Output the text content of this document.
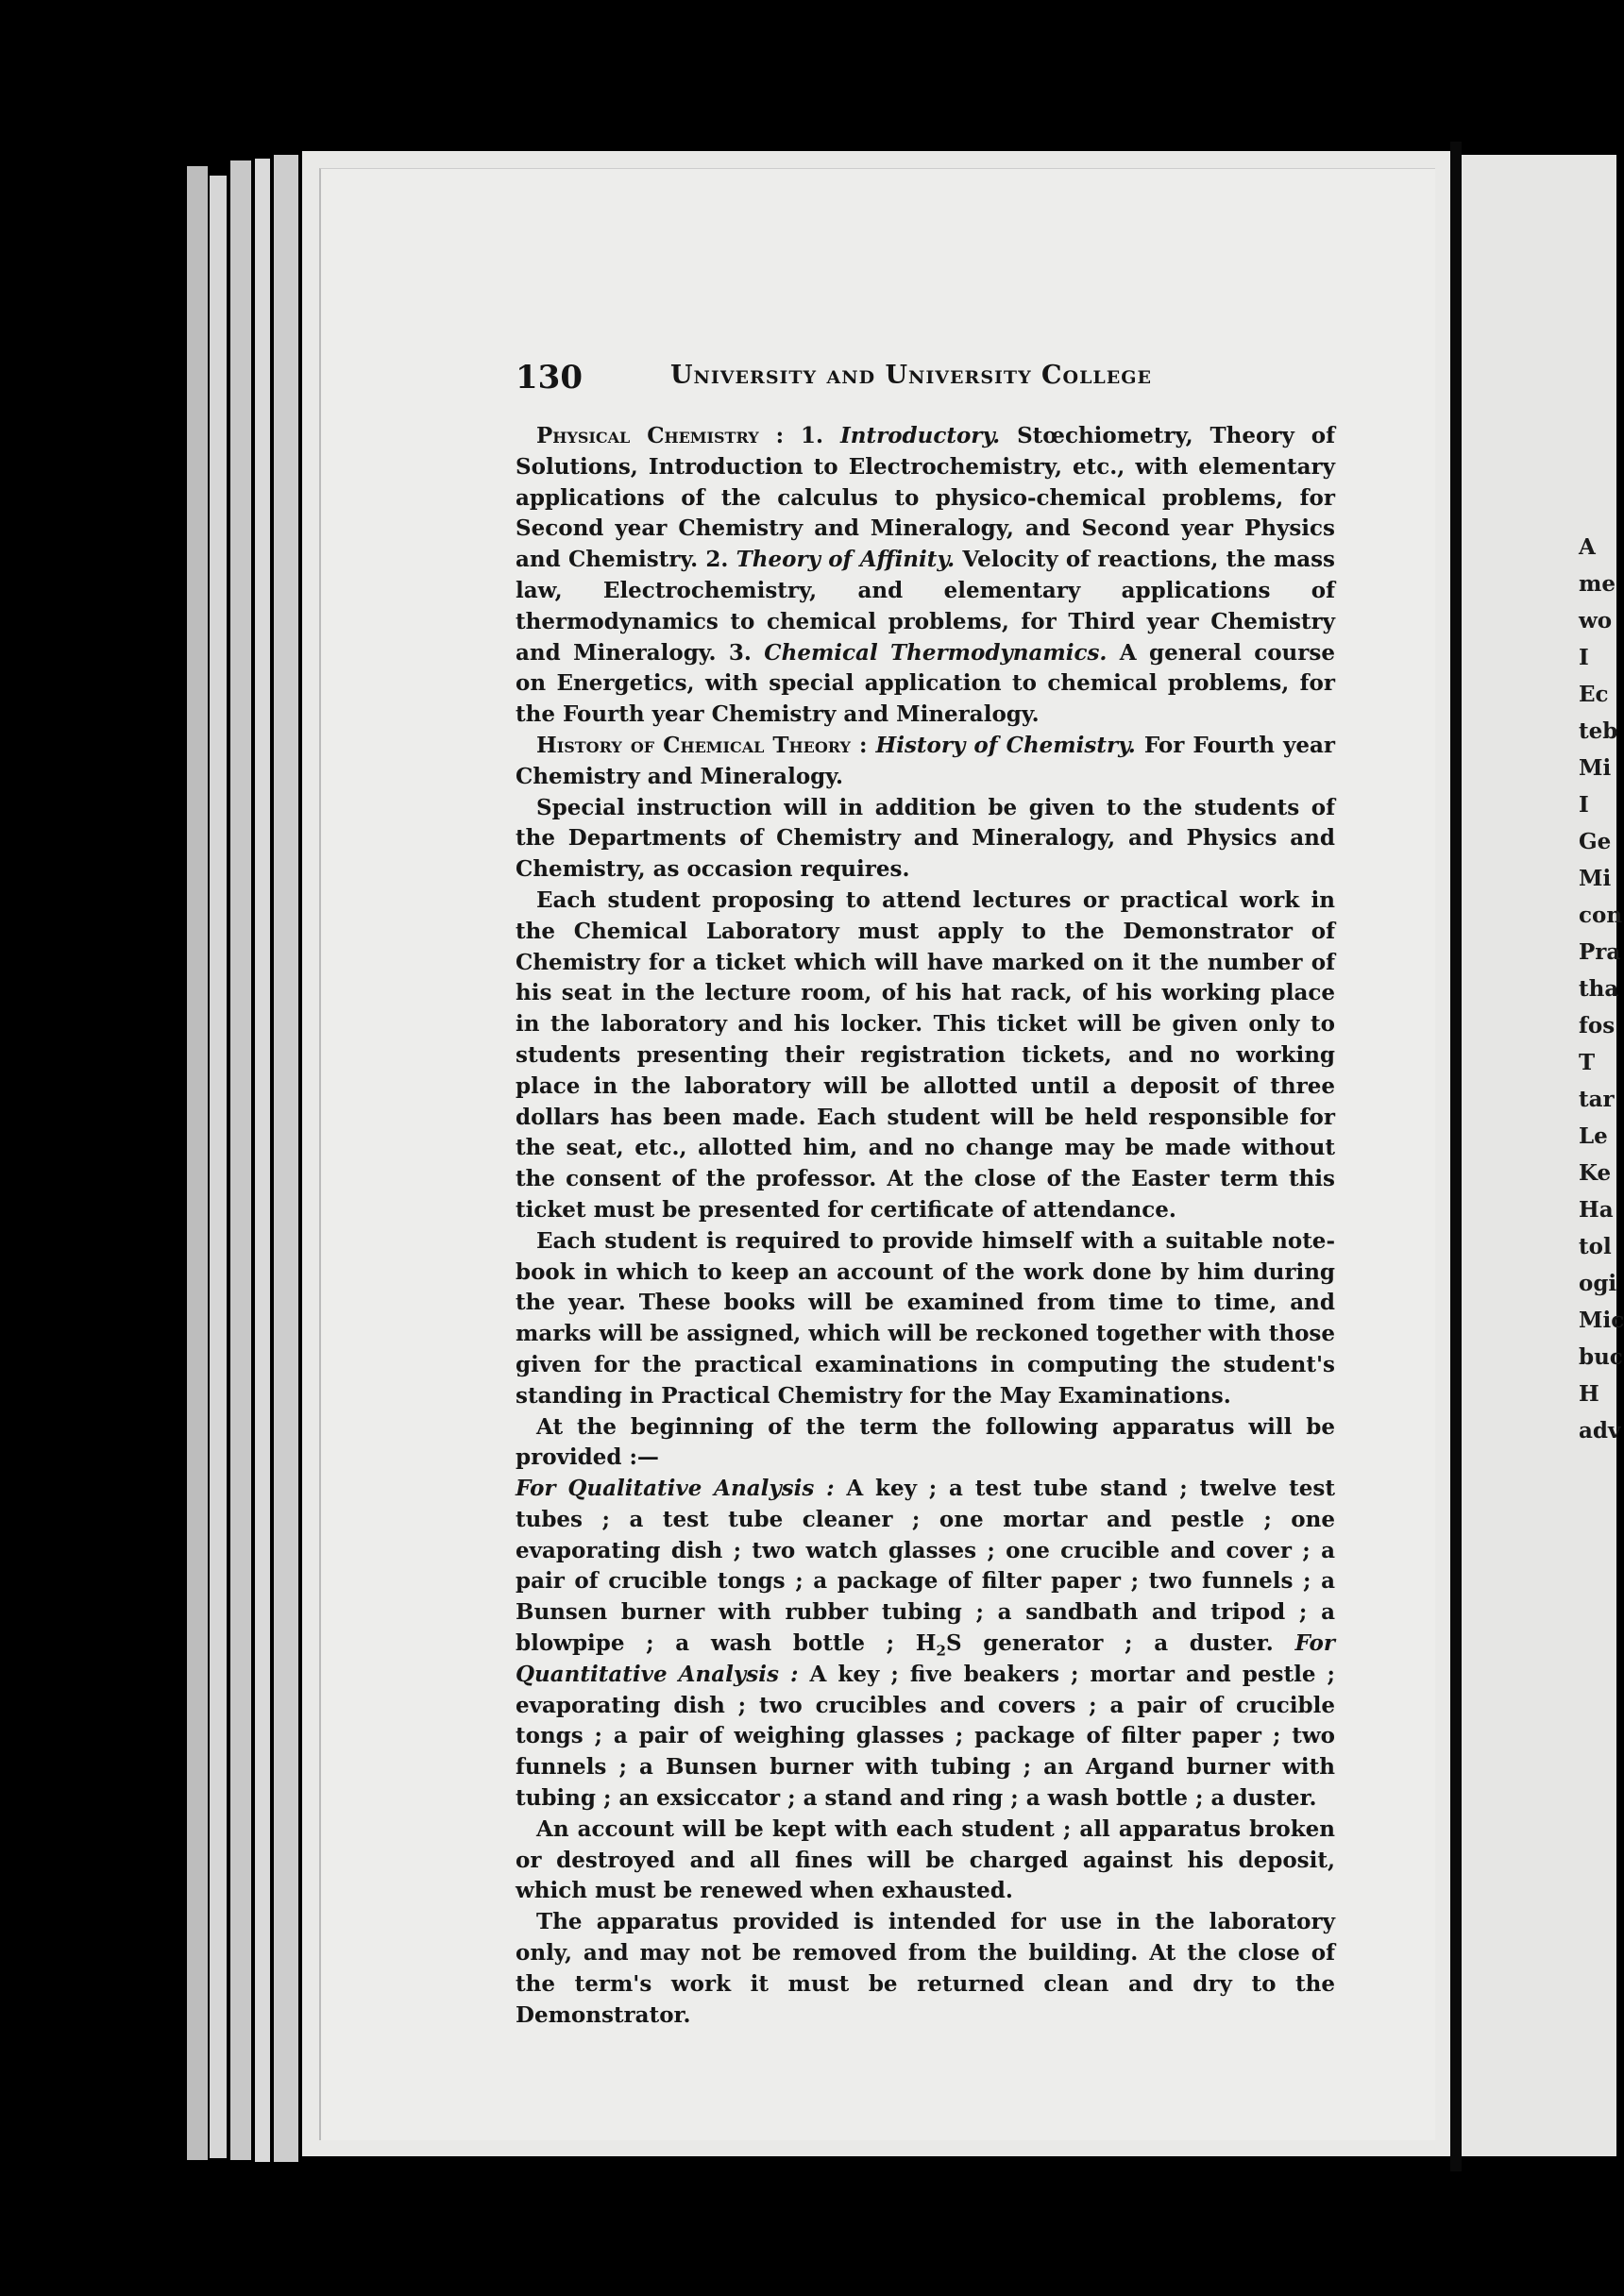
A
me
wo
I
Ec
teb
Mi
I
Ge
Mi
con
Pra
tha
fos
T
tar
Le
Ke
Ha
tol
ogi
Mic
buc
H
adv
130	University and University College

Physical Chemistry : 1. Introductory. Stœchiometry, Theory of Solutions, Introduction to Electrochemistry, etc., with elementary applications of the calculus to physico-chemical problems, for Second year Chemistry and Mineralogy, and Second year Physics and Chemistry. 2. Theory of Affinity. Velocity of reactions, the mass law, Electrochemistry, and elementary applications of thermodynamics to chemical problems, for Third year Chemistry and Mineralogy. 3. Chemical Thermodynamics. A general course on Energetics, with special application to chemical problems, for the Fourth year Chemistry and Mineralogy.

History of Chemical Theory : History of Chemistry. For Fourth year Chemistry and Mineralogy.

Special instruction will in addition be given to the students of the Departments of Chemistry and Mineralogy, and Physics and Chemistry, as occasion requires.

Each student proposing to attend lectures or practical work in the Chemical Laboratory must apply to the Demonstrator of Chemistry for a ticket which will have marked on it the number of his seat in the lecture room, of his hat rack, of his working place in the laboratory and his locker. This ticket will be given only to students presenting their registration tickets, and no working place in the laboratory will be allotted until a deposit of three dollars has been made. Each student will be held responsible for the seat, etc., allotted him, and no change may be made without the consent of the professor. At the close of the Easter term this ticket must be presented for certificate of attendance.

Each student is required to provide himself with a suitable note-book in which to keep an account of the work done by him during the year. These books will be examined from time to time, and marks will be assigned, which will be reckoned together with those given for the practical examinations in computing the student's standing in Practical Chemistry for the May Examinations.

At the beginning of the term the following apparatus will be provided :—
For Qualitative Analysis : A key ; a test tube stand ; twelve test tubes ; a test tube cleaner ; one mortar and pestle ; one evaporating dish ; two watch glasses ; one crucible and cover ; a pair of crucible tongs ; a package of filter paper ; two funnels ; a Bunsen burner with rubber tubing ; a sandbath and tripod ; a blowpipe ; a wash bottle ; $H_2S$ generator ; a duster. For Quantitative Analysis : A key ; five beakers ; mortar and pestle ; evaporating dish ; two crucibles and covers ; a pair of crucible tongs ; a pair of weighing glasses ; package of filter paper ; two funnels ; a Bunsen burner with tubing ; an Argand burner with tubing ; an exsiccator ; a stand and ring ; a wash bottle ; a duster.

An account will be kept with each student ; all apparatus broken or destroyed and all fines will be charged against his deposit, which must be renewed when exhausted.

The apparatus provided is intended for use in the laboratory only, and may not be removed from the building. At the close of the term's work it must be returned clean and dry to the Demonstrator.
